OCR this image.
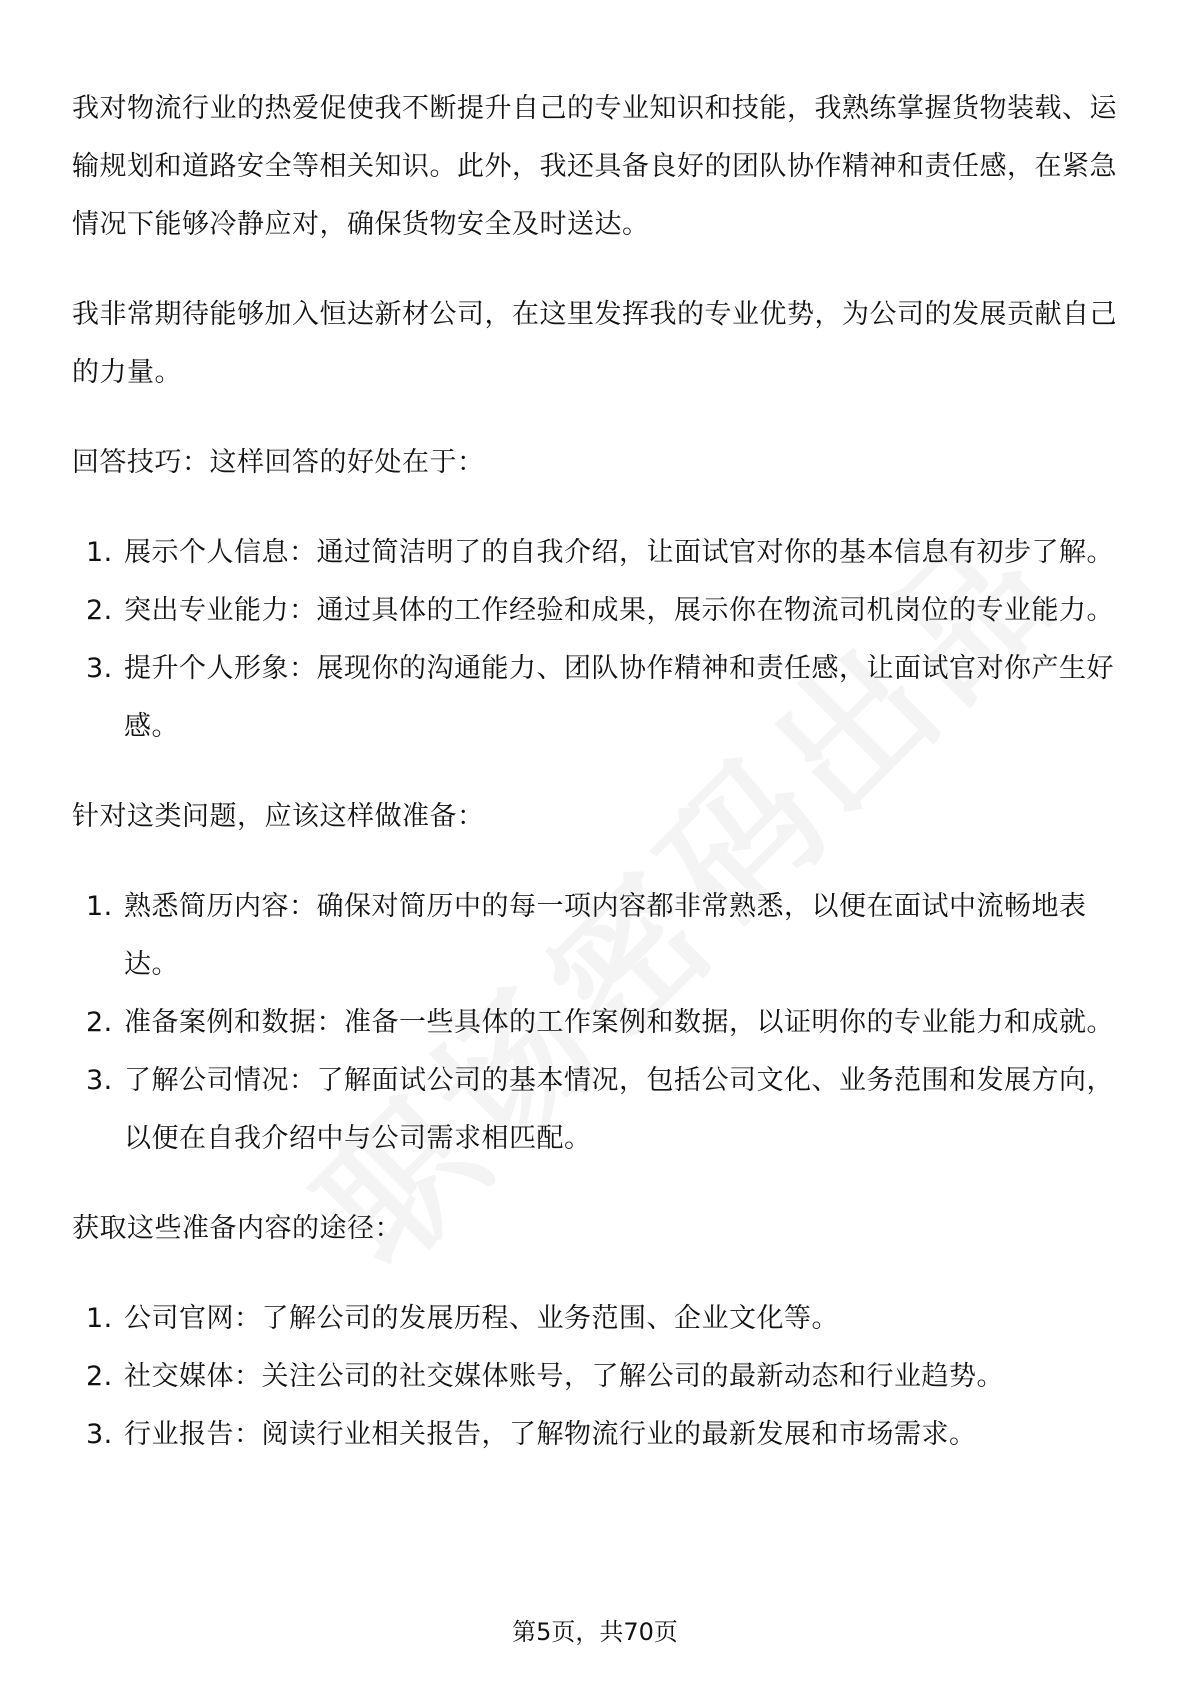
我对物流行业的热爱促使我不断提升自己的专业知识和技能，我熟练掌握货物装载、运输规划和道路安全等相关知识。此外，我还具备良好的团队协作精神和责任感，在紧急情况下能够冷静应对，确保货物安全及时送达。

我非常期待能够加入恒达新材公司，在这里发挥我的专业优势，为公司的发展贡献自己的力量。

回答技巧：这样回答的好处在于：

1. 展示个人信息：通过简洁明了的自我介绍，让面试官对你的基本信息有初步了解。
2. 突出专业能力：通过具体的工作经验和成果，展示你在物流司机岗位的专业能力。
3. 提升个人形象：展现你的沟通能力、团队协作精神和责任感，让面试官对你产生好感。

针对这类问题，应该这样做准备：

1. 熟悉简历内容：确保对简历中的每一项内容都非常熟悉，以便在面试中流畅地表达。
2. 准备案例和数据：准备一些具体的工作案例和数据，以证明你的专业能力和成就。
3. 了解公司情况：了解面试公司的基本情况，包括公司文化、业务范围和发展方向，以便在自我介绍中与公司需求相匹配。

获取这些准备内容的途径：

1. 公司官网：了解公司的发展历程、业务范围、企业文化等。
2. 社交媒体：关注公司的社交媒体账号，了解公司的最新动态和行业趋势。
3. 行业报告：阅读行业相关报告，了解物流行业的最新发展和市场需求。
第5页，共70页
